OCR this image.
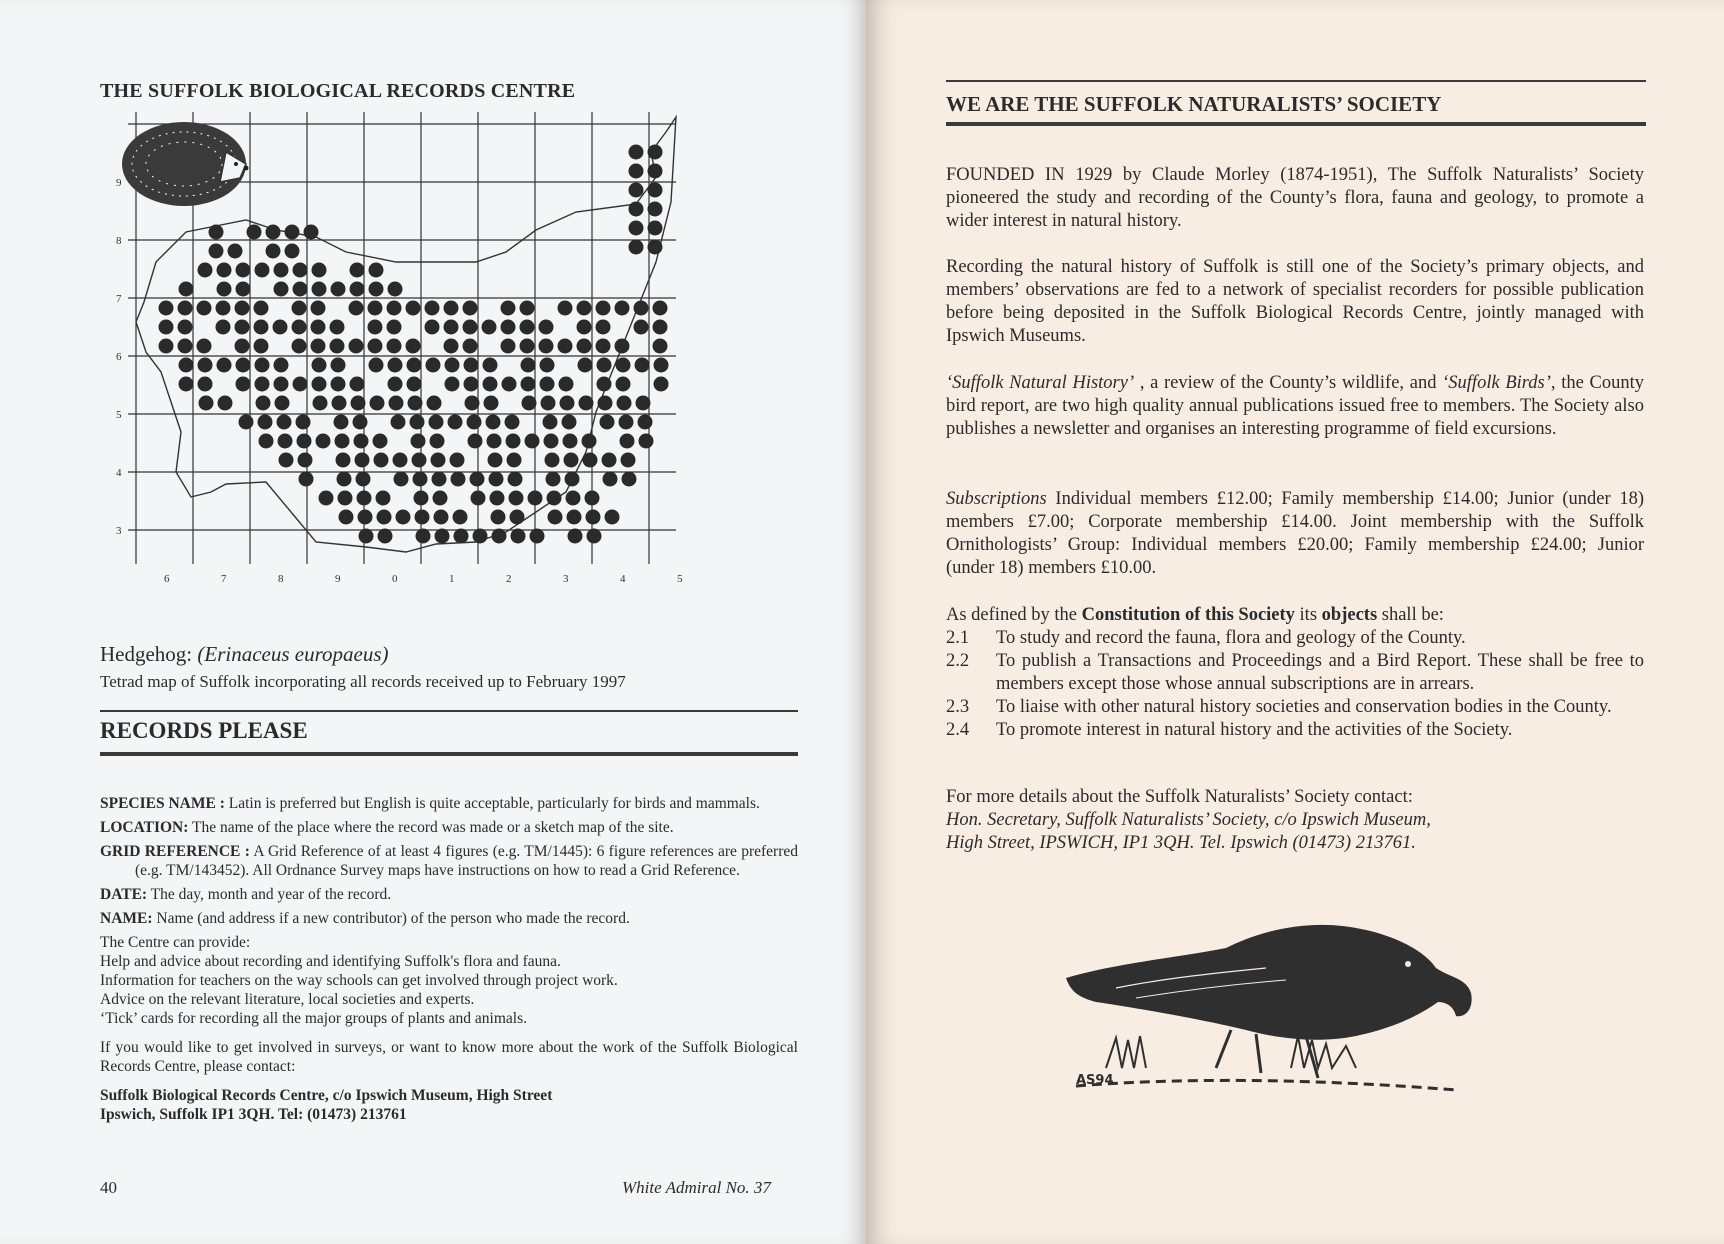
THE SUFFOLK BIOLOGICAL RECORDS CENTRE
9
8
7
6
5
4
3
6	7	8	9	0	1	2	3	4	5
Hedgehog: (Erinaceus europaeus)
Tetrad map of Suffolk incorporating all records received up to February 1997
RECORDS PLEASE

SPECIES NAME : Latin is preferred but English is quite acceptable, particularly for birds and mammals.

LOCATION: The name of the place where the record was made or a sketch map of the site.

GRID REFERENCE : A Grid Reference of at least 4 figures (e.g. TM/1445): 6 figure references are preferred (e.g. TM/143452). All Ordnance Survey maps have instructions on how to read a Grid Reference.

DATE: The day, month and year of the record.

NAME: Name (and address if a new contributor) of the person who made the record.

The Centre can provide:
Help and advice about recording and identifying Suffolk's flora and fauna.
Information for teachers on the way schools can get involved through project work.
Advice on the relevant literature, local societies and experts.
‘Tick’ cards for recording all the major groups of plants and animals.
If you would like to get involved in surveys, or want to know more about the work of the Suffolk Biological Records Centre, please contact:
Suffolk Biological Records Centre, c/o Ipswich Museum, High Street
Ipswich, Suffolk IP1 3QH. Tel: (01473) 213761
40	White Admiral No. 37
WE ARE THE SUFFOLK NATURALISTS’ SOCIETY
FOUNDED IN 1929 by Claude Morley (1874-1951), The Suffolk Naturalists’ Society pioneered the study and recording of the County’s flora, fauna and geology, to promote a wider interest in natural history.
Recording the natural history of Suffolk is still one of the Society’s primary objects, and members’ observations are fed to a network of specialist recorders for possible publication before being deposited in the Suffolk Biological Records Centre, jointly managed with Ipswich Museums.
‘Suffolk Natural History’ , a review of the County’s wildlife, and ‘Suffolk Birds’, the County bird report, are two high quality annual publications issued free to members. The Society also publishes a newsletter and organises an interesting programme of field excursions.
Subscriptions Individual members £12.00; Family membership £14.00; Junior (under 18) members £7.00; Corporate membership £14.00. Joint membership with the Suffolk Ornithologists’ Group: Individual members £20.00; Family membership £24.00; Junior (under 18) members £10.00.
As defined by the Constitution of this Society its objects shall be:
2.1	To study and record the fauna, flora and geology of the County.
2.2	To publish a Transactions and Proceedings and a Bird Report. These shall be free to members except those whose annual subscriptions are in arrears.
2.3	To liaise with other natural history societies and conservation bodies in the County.
2.4	To promote interest in natural history and the activities of the Society.
For more details about the Suffolk Naturalists’ Society contact:
Hon. Secretary, Suffolk Naturalists’ Society, c/o Ipswich Museum,
High Street, IPSWICH, IP1 3QH. Tel. Ipswich (01473) 213761.
AS94
